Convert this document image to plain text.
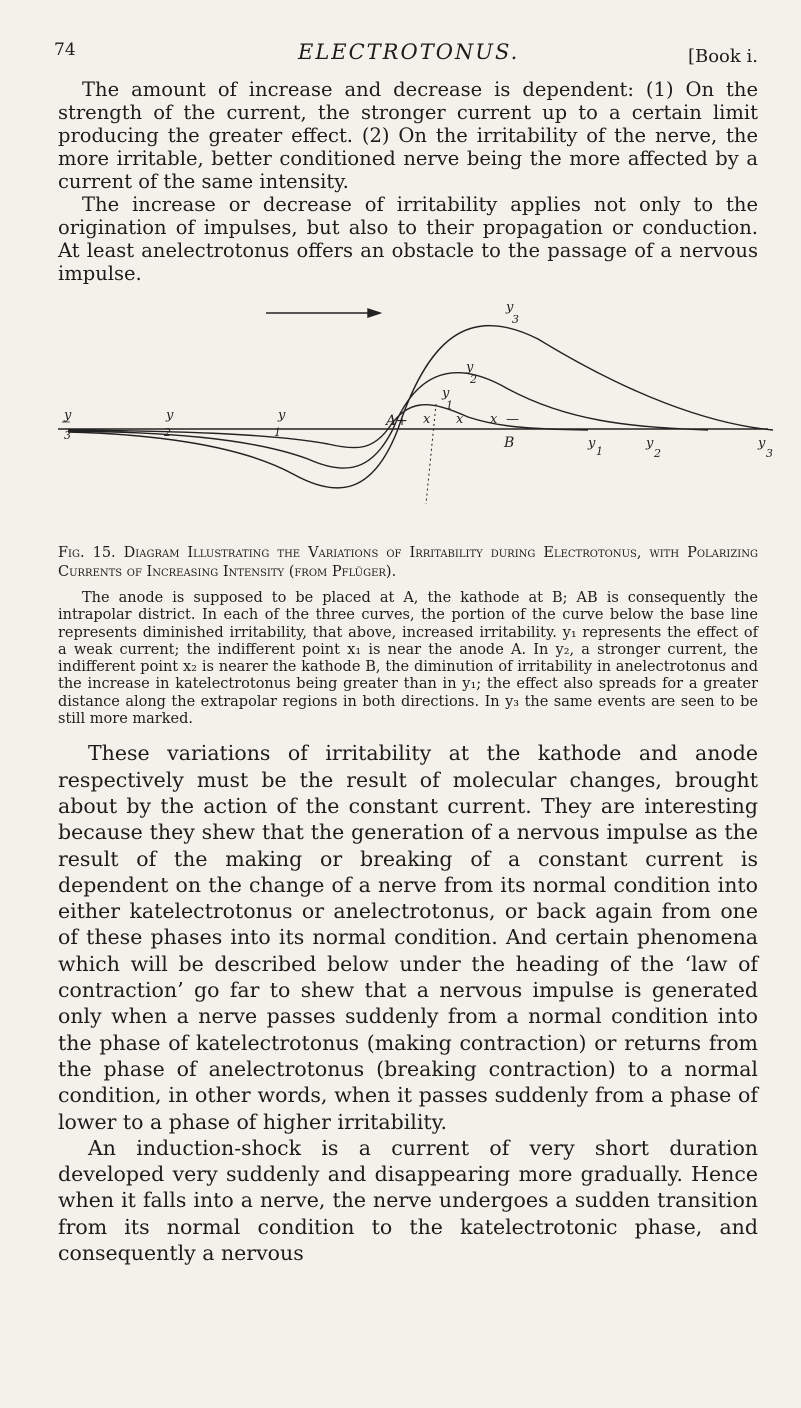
74	ELECTROTONUS.	[Book i.

The amount of increase and decrease is dependent: (1) On the strength of the current, the stronger current up to a certain limit producing the greater effect. (2) On the irritability of the nerve, the more irritable, better conditioned nerve being the more affected by a current of the same intensity.

The increase or decrease of irritability applies not only to the origination of impulses, but also to their propagation or conduction. At least anelectrotonus offers an obstacle to the passage of a nervous impulse.

y
3
y
2
y
1
A+ x x x —
B
y
3
y
2
y
1
y
1
y
2
y
3

Fig. 15. Diagram Illustrating the Variations of Irritability during Electrotonus, with Polarizing Currents of Increasing Intensity (from Pflüger).

The anode is supposed to be placed at A, the kathode at B; AB is consequently the intrapolar district. In each of the three curves, the portion of the curve below the base line represents diminished irritability, that above, increased irritability. y₁ represents the effect of a weak current; the indifferent point x₁ is near the anode A. In y₂, a stronger current, the indifferent point x₂ is nearer the kathode B, the diminution of irritability in anelectrotonus and the increase in katelectrotonus being greater than in y₁; the effect also spreads for a greater distance along the extrapolar regions in both directions. In y₃ the same events are seen to be still more marked.

These variations of irritability at the kathode and anode respectively must be the result of molecular changes, brought about by the action of the constant current. They are interesting because they shew that the generation of a nervous impulse as the result of the making or breaking of a constant current is dependent on the change of a nerve from its normal condition into either katelectrotonus or anelectrotonus, or back again from one of these phases into its normal condition. And certain phenomena which will be described below under the heading of the ‘law of contraction’ go far to shew that a nervous impulse is generated only when a nerve passes suddenly from a normal condition into the phase of katelectrotonus (making contraction) or returns from the phase of anelectrotonus (breaking contraction) to a normal condition, in other words, when it passes suddenly from a phase of lower to a phase of higher irritability.

An induction-shock is a current of very short duration developed very suddenly and disappearing more gradually. Hence when it falls into a nerve, the nerve undergoes a sudden transition from its normal condition to the katelectrotonic phase, and consequently a nervous
